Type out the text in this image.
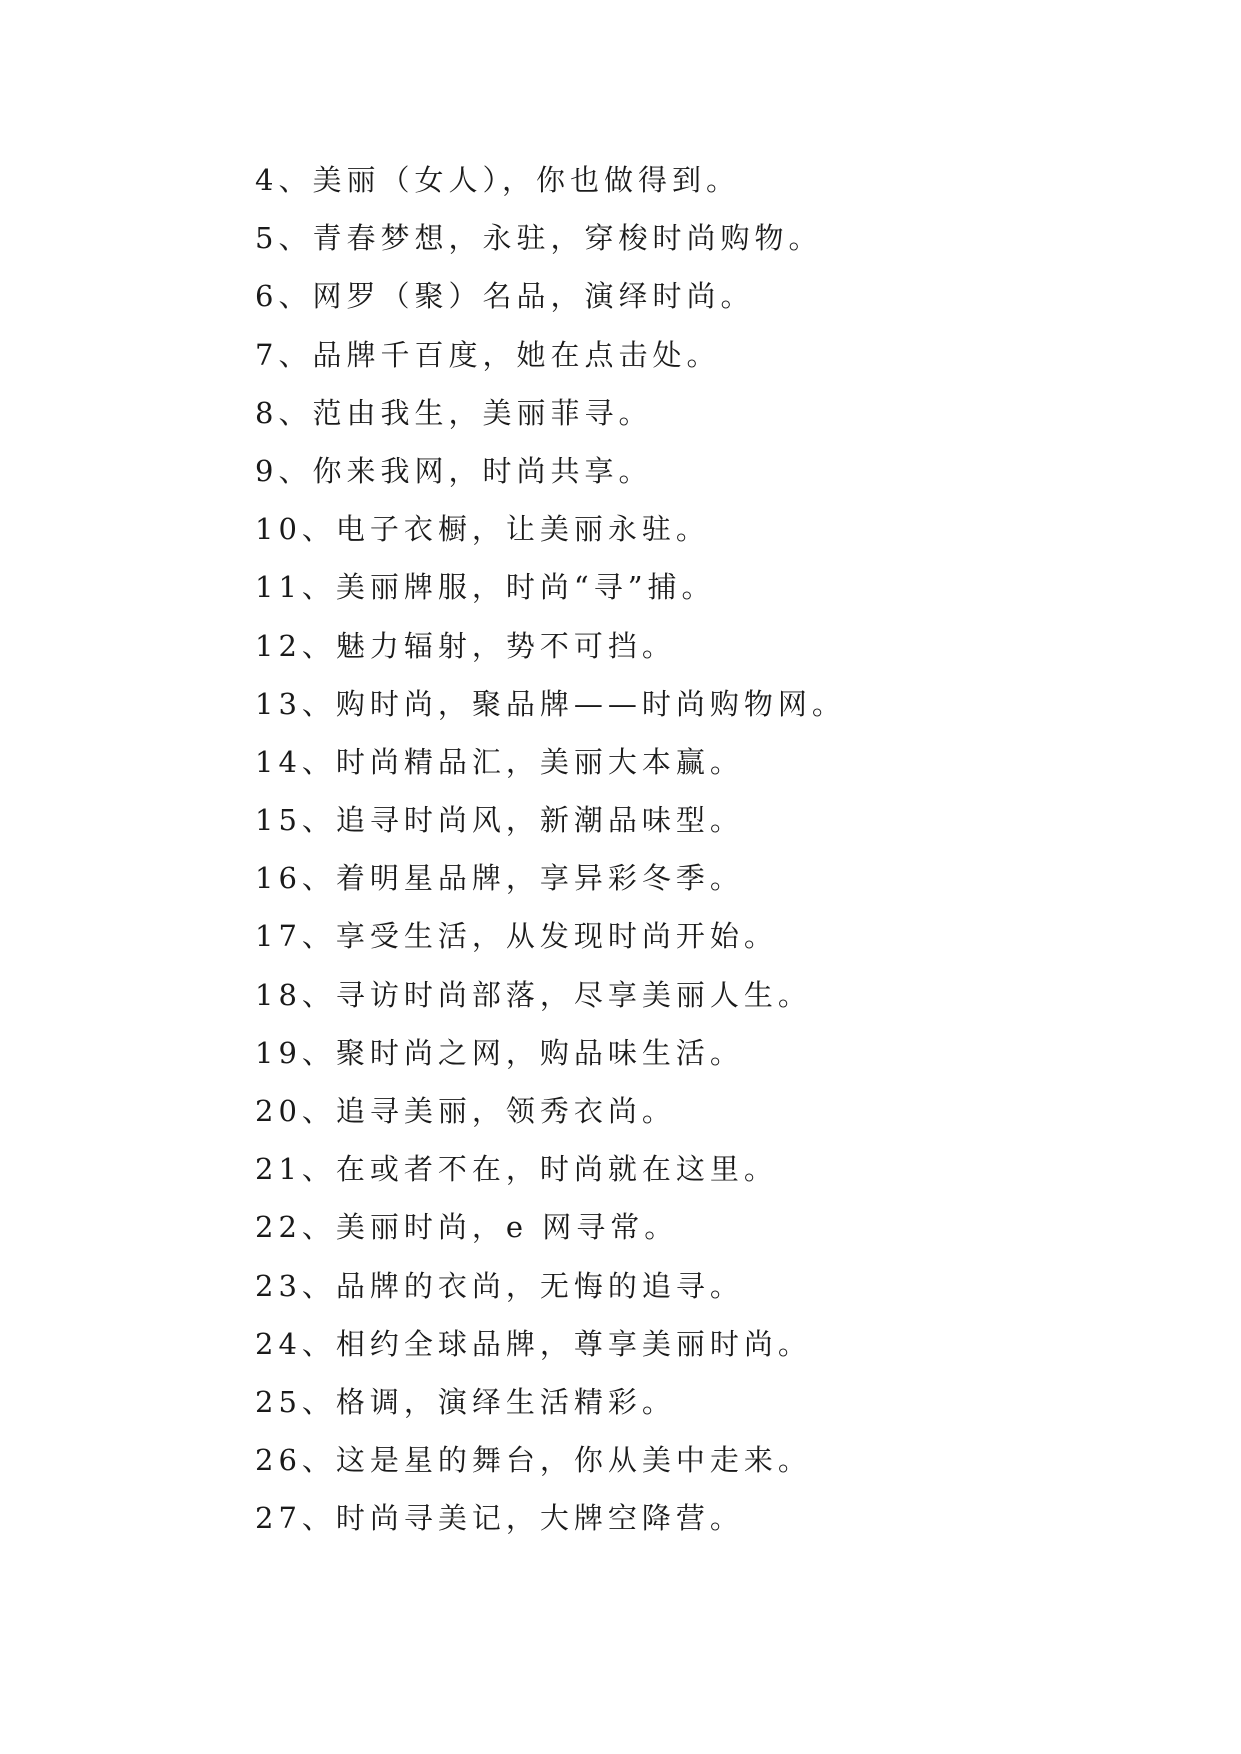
4、美丽（女人），你也做得到。
5、青春梦想，永驻，穿梭时尚购物。
6、网罗（聚）名品，演绎时尚。
7、品牌千百度，她在点击处。
8、范由我生，美丽菲寻。
9、你来我网，时尚共享。
10、电子衣橱，让美丽永驻。
11、美丽牌服，时尚“寻”捕。
12、魅力辐射，势不可挡。
13、购时尚，聚品牌——时尚购物网。
14、时尚精品汇，美丽大本赢。
15、追寻时尚风，新潮品味型。
16、着明星品牌，享异彩冬季。
17、享受生活，从发现时尚开始。
18、寻访时尚部落，尽享美丽人生。
19、聚时尚之网，购品味生活。
20、追寻美丽，领秀衣尚。
21、在或者不在，时尚就在这里。
22、美丽时尚，e 网寻常。
23、品牌的衣尚，无悔的追寻。
24、相约全球品牌，尊享美丽时尚。
25、格调，演绎生活精彩。
26、这是星的舞台，你从美中走来。
27、时尚寻美记，大牌空降营。
